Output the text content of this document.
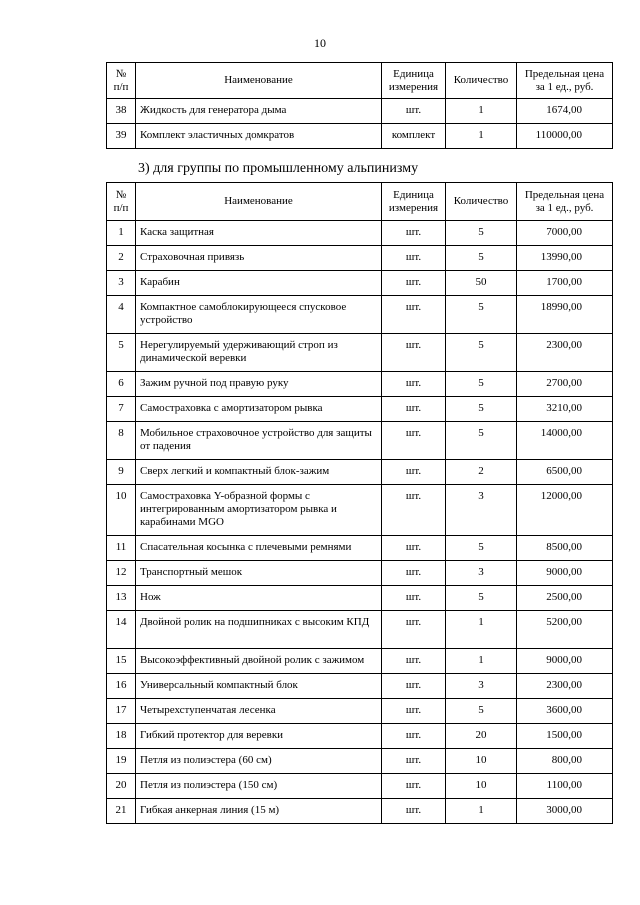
10
№ п/п	Наименование	Единица измерения	Количество	Предельная цена за 1 ед., руб.
38	Жидкость для генератора дыма	шт.	1	1674,00
39	Комплект эластичных домкратов	комплект	1	110000,00
3) для группы по промышленному альпинизму
№ п/п	Наименование	Единица измерения	Количество	Предельная цена за 1 ед., руб.
1	Каска защитная	шт.	5	7000,00
2	Страховочная привязь	шт.	5	13990,00
3	Карабин	шт.	50	1700,00
4	Компактное самоблокирующееся спусковое устройство	шт.	5	18990,00
5	Нерегулируемый удерживающий строп из динамической веревки	шт.	5	2300,00
6	Зажим ручной под правую руку	шт.	5	2700,00
7	Самостраховка с амортизатором рывка	шт.	5	3210,00
8	Мобильное страховочное устройство для защиты от падения	шт.	5	14000,00
9	Сверх легкий и компактный блок-зажим	шт.	2	6500,00
10	Самостраховка Y-образной формы с интегрированным амортизатором рывка и карабинами MGO	шт.	3	12000,00
11	Спасательная косынка с плечевыми ремнями	шт.	5	8500,00
12	Транспортный мешок	шт.	3	9000,00
13	Нож	шт.	5	2500,00
14	Двойной ролик на подшипниках с высоким КПД	шт.	1	5200,00
15	Высокоэффективный двойной ролик с зажимом	шт.	1	9000,00
16	Универсальный компактный блок	шт.	3	2300,00
17	Четырехступенчатая лесенка	шт.	5	3600,00
18	Гибкий протектор для веревки	шт.	20	1500,00
19	Петля из полиэстера (60 см)	шт.	10	800,00
20	Петля из полиэстера (150 см)	шт.	10	1100,00
21	Гибкая анкерная линия (15 м)	шт.	1	3000,00
